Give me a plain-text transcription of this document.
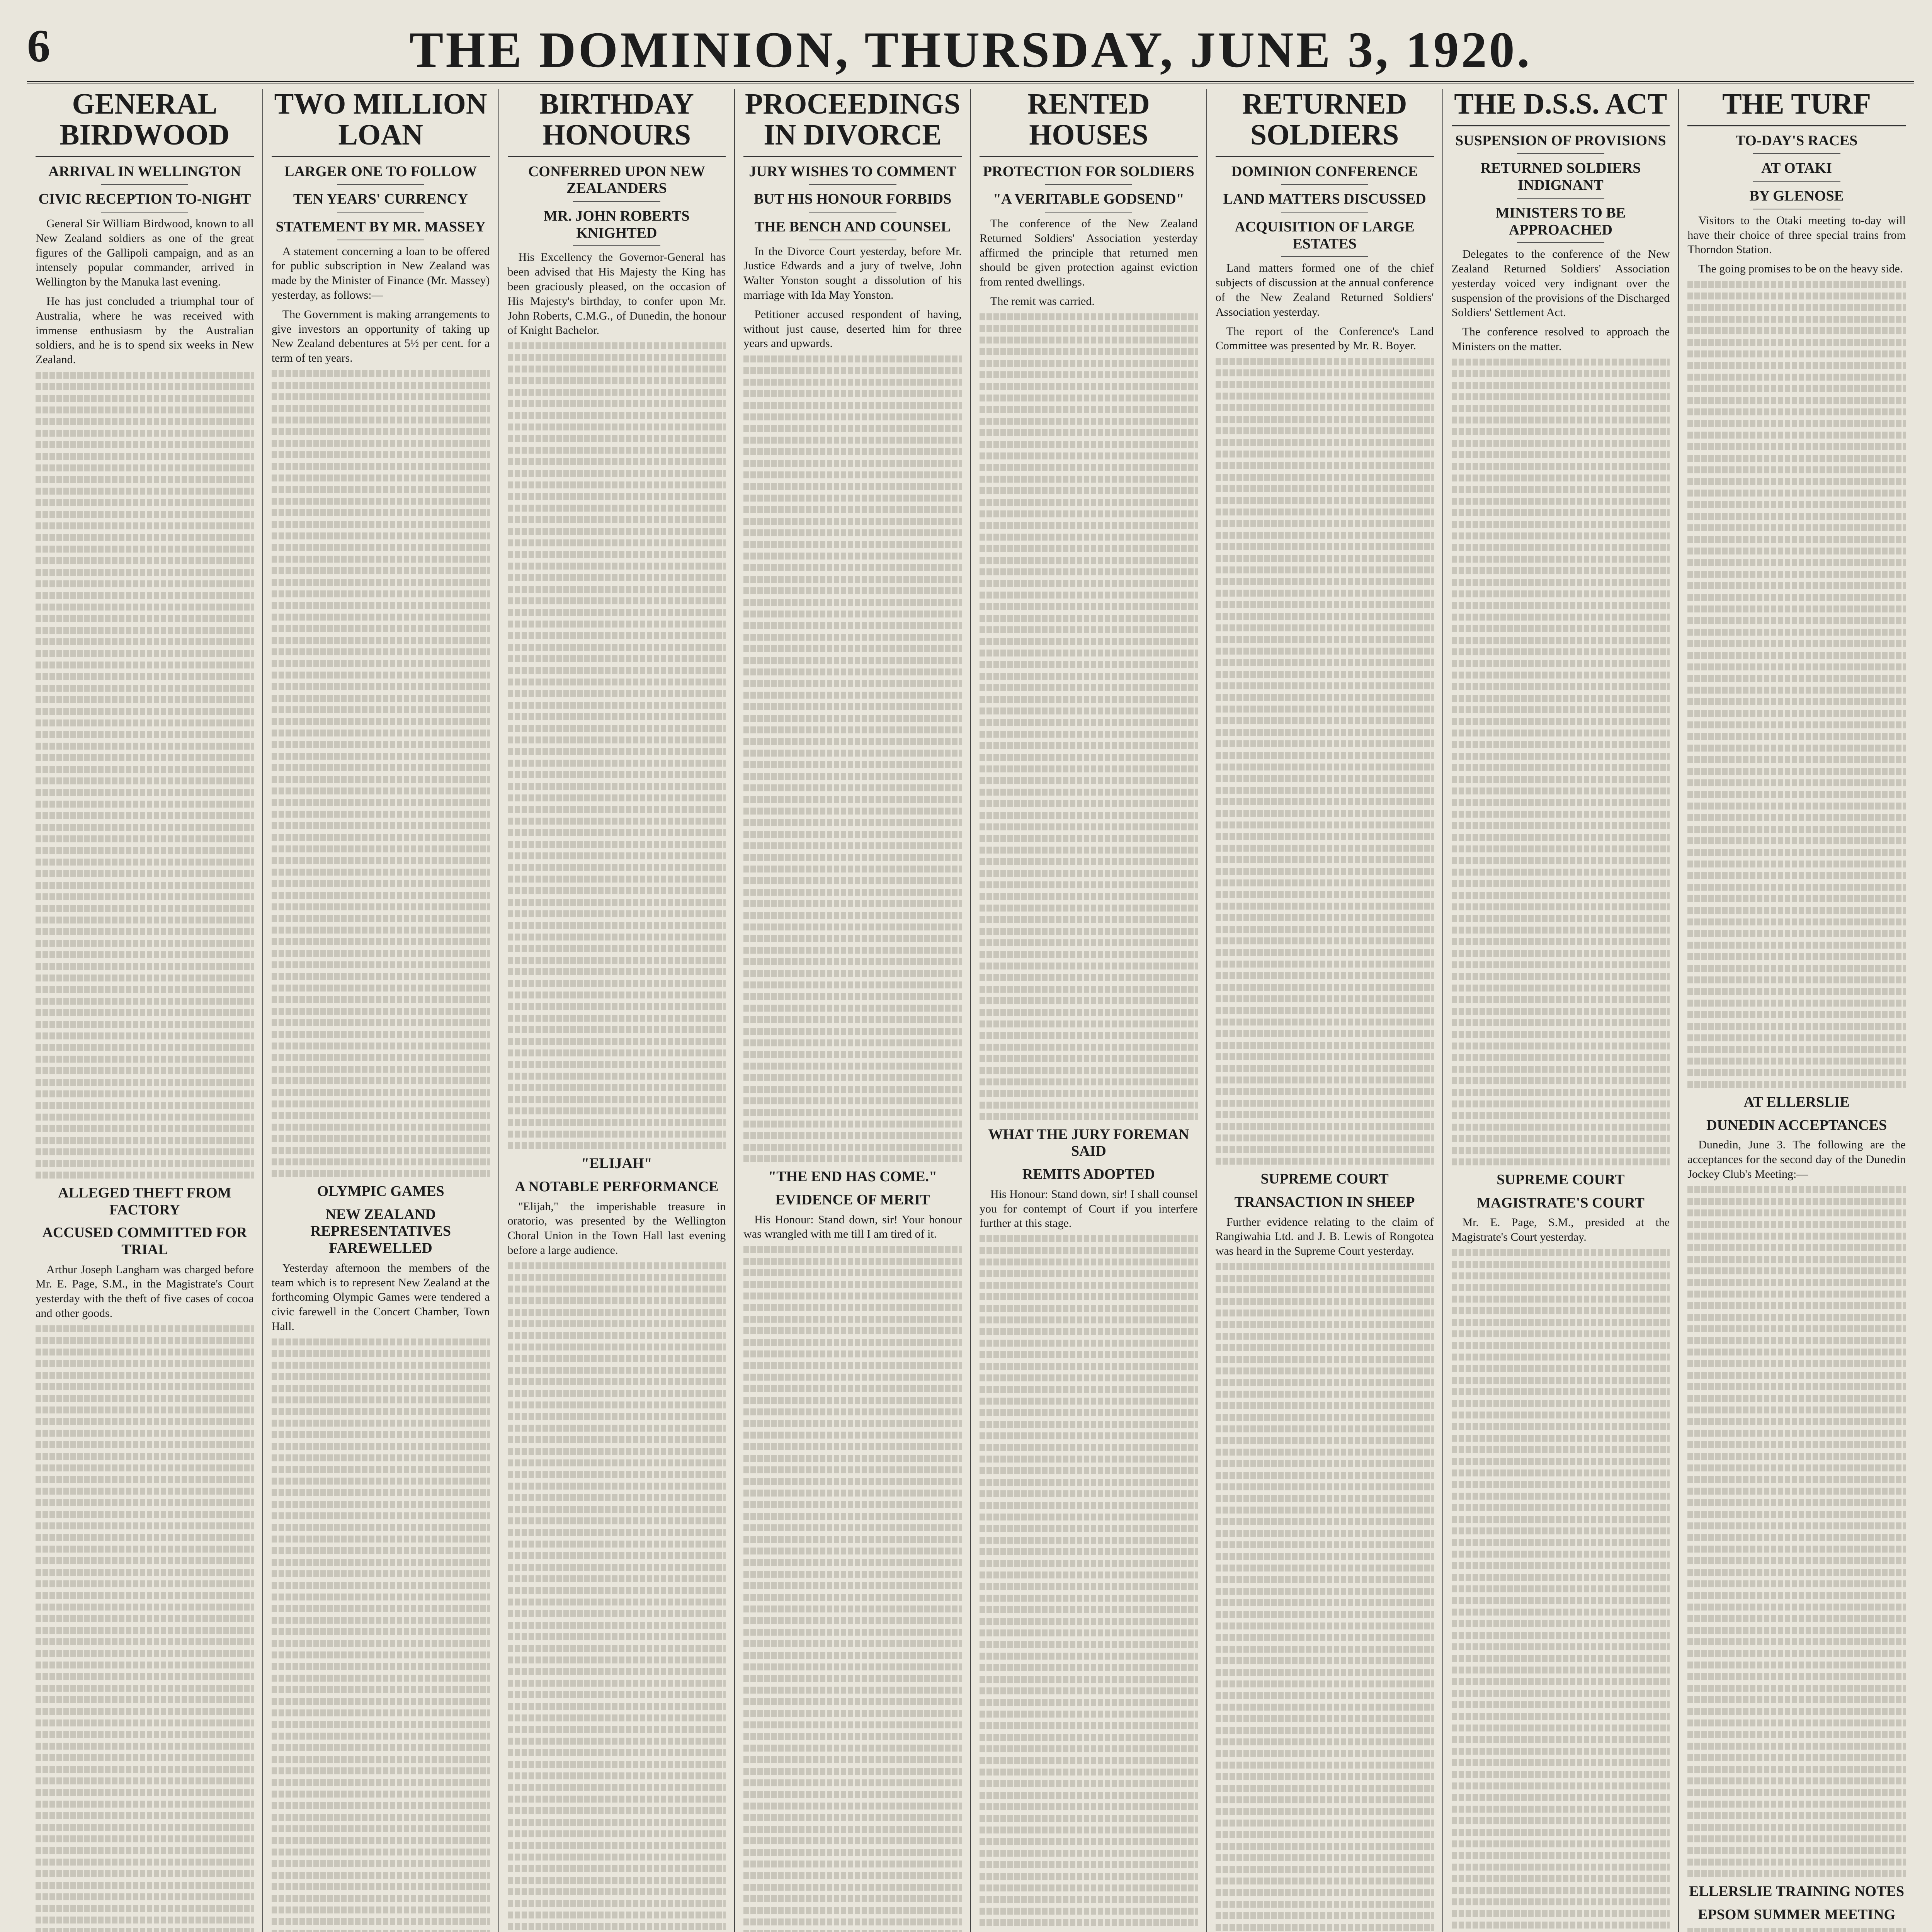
6	THE DOMINION, THURSDAY, JUNE 3, 1920.
GENERAL BIRDWOOD
ARRIVAL IN WELLINGTON
CIVIC RECEPTION TO-NIGHT

General Sir William Birdwood, known to all New Zealand soldiers as one of the great figures of the Gallipoli campaign, and as an intensely popular commander, arrived in Wellington by the Manuka last evening.

He has just concluded a triumphal tour of Australia, where he was received with immense enthusiasm by the Australian soldiers, and he is to spend six weeks in New Zealand.

ALLEGED THEFT FROM FACTORY
ACCUSED COMMITTED FOR TRIAL

Arthur Joseph Langham was charged before Mr. E. Page, S.M., in the Magistrate's Court yesterday with the theft of five cases of cocoa and other goods.

TWO MILLION LOAN
LARGER ONE TO FOLLOW
TEN YEARS' CURRENCY
STATEMENT BY MR. MASSEY

A statement concerning a loan to be offered for public subscription in New Zealand was made by the Minister of Finance (Mr. Massey) yesterday, as follows:—

The Government is making arrangements to give investors an opportunity of taking up New Zealand debentures at 5½ per cent. for a term of ten years.

OLYMPIC GAMES
NEW ZEALAND REPRESENTATIVES FAREWELLED

Yesterday afternoon the members of the team which is to represent New Zealand at the forthcoming Olympic Games were tendered a civic farewell in the Concert Chamber, Town Hall.

BIRTHDAY HONOURS
CONFERRED UPON NEW ZEALANDERS
MR. JOHN ROBERTS KNIGHTED

His Excellency the Governor-General has been advised that His Majesty the King has been graciously pleased, on the occasion of His Majesty's birthday, to confer upon Mr. John Roberts, C.M.G., of Dunedin, the honour of Knight Bachelor.

"ELIJAH"
A NOTABLE PERFORMANCE

"Elijah," the imperishable treasure in oratorio, was presented by the Wellington Choral Union in the Town Hall last evening before a large audience.

PROCEEDINGS IN DIVORCE
JURY WISHES TO COMMENT
BUT HIS HONOUR FORBIDS
THE BENCH AND COUNSEL

In the Divorce Court yesterday, before Mr. Justice Edwards and a jury of twelve, John Walter Yonston sought a dissolution of his marriage with Ida May Yonston.

Petitioner accused respondent of having, without just cause, deserted him for three years and upwards.

"THE END HAS COME."
EVIDENCE OF MERIT

His Honour: Stand down, sir! Your honour was wrangled with me till I am tired of it.

RENTED HOUSES
PROTECTION FOR SOLDIERS
"A VERITABLE GODSEND"

The conference of the New Zealand Returned Soldiers' Association yesterday affirmed the principle that returned men should be given protection against eviction from rented dwellings.

The remit was carried.

WHAT THE JURY FOREMAN SAID
REMITS ADOPTED

His Honour: Stand down, sir! I shall counsel you for contempt of Court if you interfere further at this stage.

RETURNED SOLDIERS
DOMINION CONFERENCE
LAND MATTERS DISCUSSED
ACQUISITION OF LARGE ESTATES

Land matters formed one of the chief subjects of discussion at the annual conference of the New Zealand Returned Soldiers' Association yesterday.

The report of the Conference's Land Committee was presented by Mr. R. Boyer.

SUPREME COURT
TRANSACTION IN SHEEP

Further evidence relating to the claim of Rangiwahia Ltd. and J. B. Lewis of Rongotea was heard in the Supreme Court yesterday.

THE D.S.S. ACT
SUSPENSION OF PROVISIONS
RETURNED SOLDIERS INDIGNANT
MINISTERS TO BE APPROACHED

Delegates to the conference of the New Zealand Returned Soldiers' Association yesterday voiced very indignant over the suspension of the provisions of the Discharged Soldiers' Settlement Act.

The conference resolved to approach the Ministers on the matter.

SUPREME COURT
MAGISTRATE'S COURT

Mr. E. Page, S.M., presided at the Magistrate's Court yesterday.

THE TURF
TO-DAY'S RACES
AT OTAKI
BY GLENOSE

Visitors to the Otaki meeting to-day will have their choice of three special trains from Thorndon Station.

The going promises to be on the heavy side.

AT ELLERSLIE
DUNEDIN ACCEPTANCES

Dunedin, June 3. The following are the acceptances for the second day of the Dunedin Jockey Club's Meeting:—

ELLERSLIE TRAINING NOTES
EPSOM SUMMER MEETING
